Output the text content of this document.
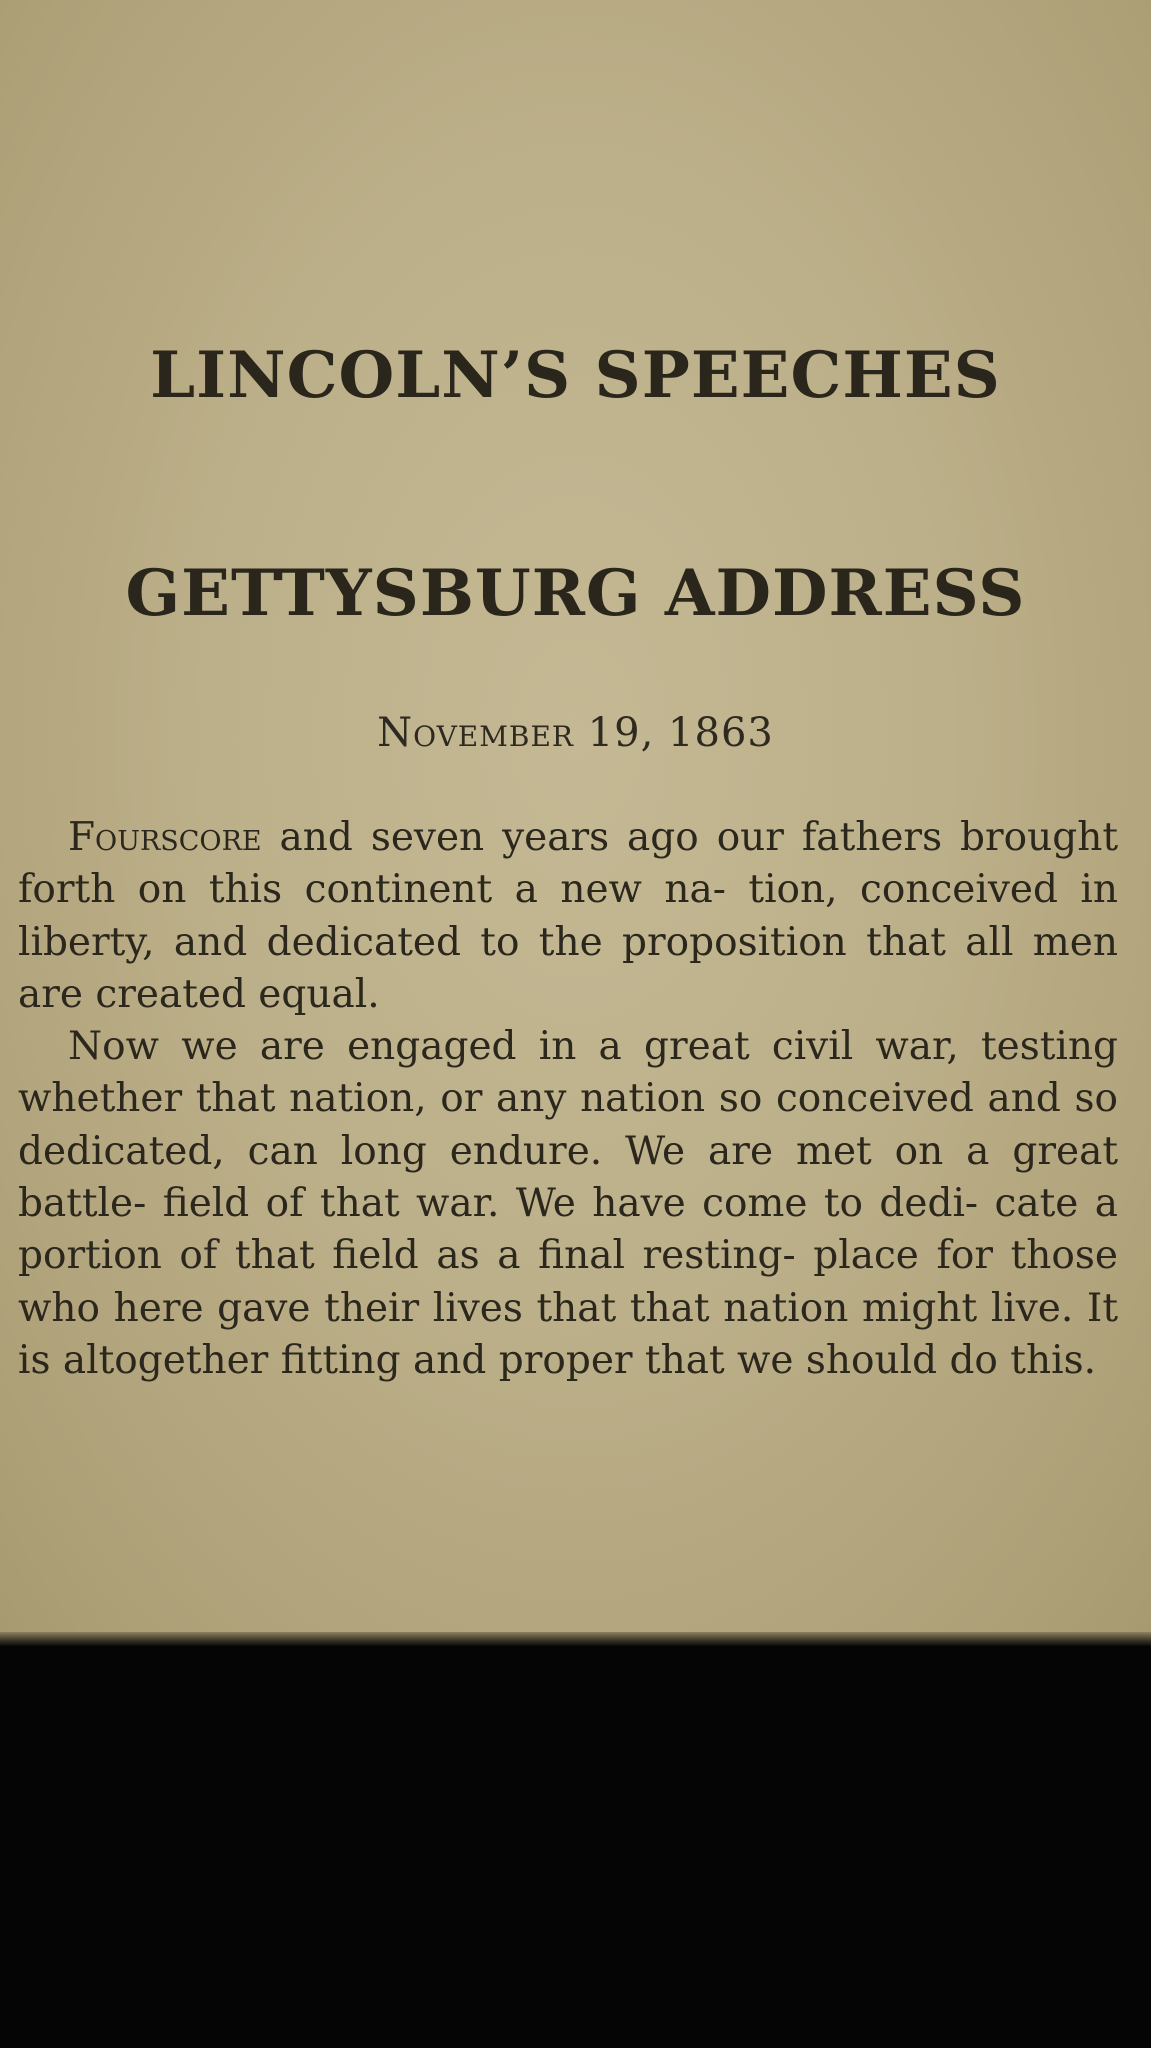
LINCOLN’S SPEECHES
GETTYSBURG ADDRESS

November 19, 1863

Fourscore and seven years ago our fathers brought forth on this continent a new na- tion, conceived in liberty, and dedicated to the proposition that all men are created equal.

Now we are engaged in a great civil war, testing whether that nation, or any nation so conceived and so dedicated, can long endure. We are met on a great battle- field of that war. We have come to dedi- cate a portion of that field as a final resting- place for those who here gave their lives that that nation might live. It is altogether fitting and proper that we should do this.
